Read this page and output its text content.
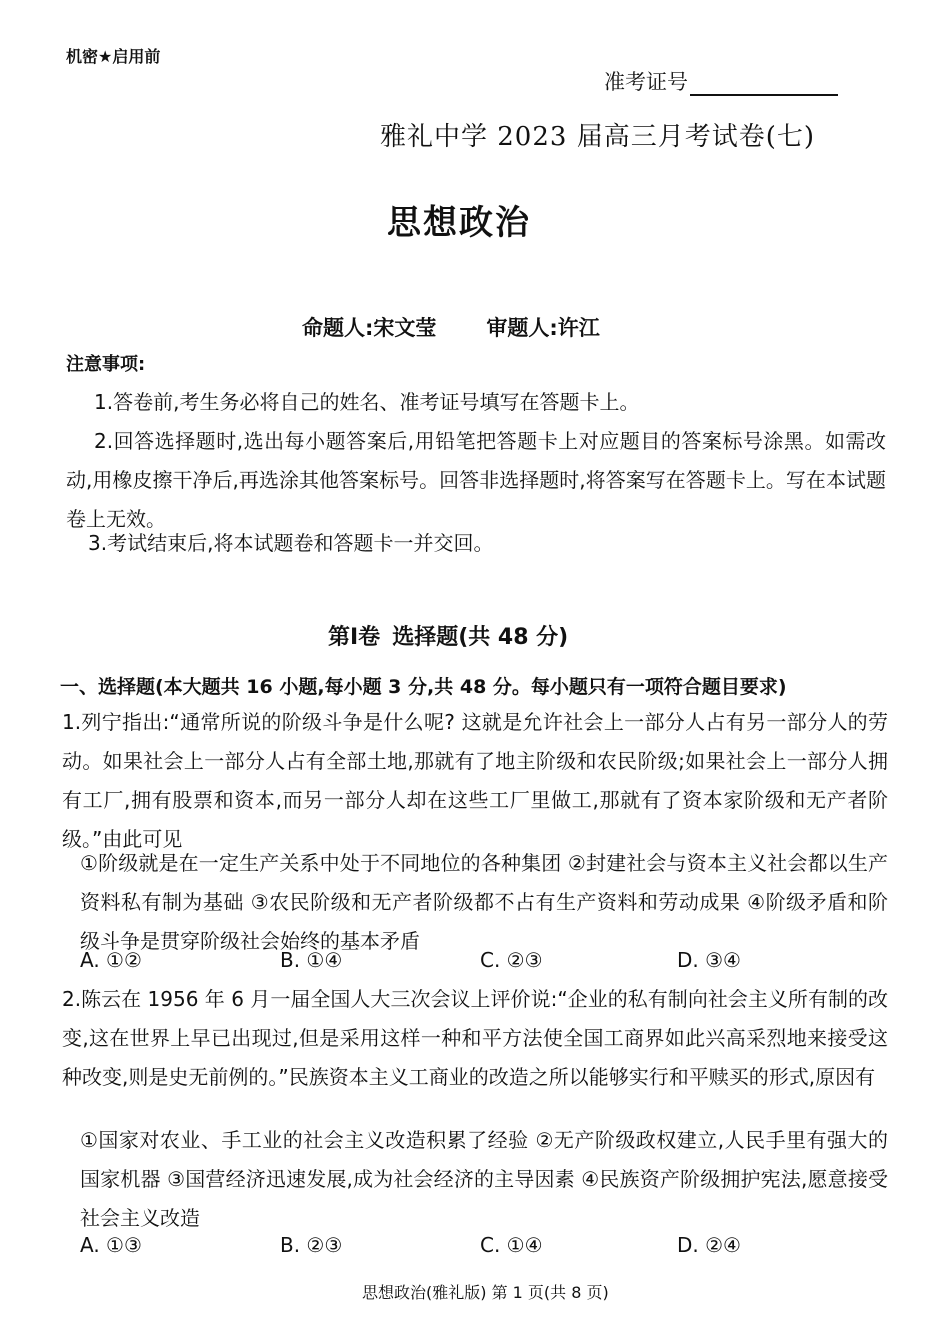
机密★启用前
准考证号
雅礼中学 2023 届高三月考试卷(七)
思想政治
命题人:宋文莹 审题人:许江
注意事项:
1.答卷前,考生务必将自己的姓名、准考证号填写在答题卡上。
2.回答选择题时,选出每小题答案后,用铅笔把答题卡上对应题目的答案标号涂黑。如需改动,用橡皮擦干净后,再选涂其他答案标号。回答非选择题时,将答案写在答题卡上。写在本试题卷上无效。
3.考试结束后,将本试题卷和答题卡一并交回。
第Ⅰ卷 选择题(共 48 分)
一、选择题(本大题共 16 小题,每小题 3 分,共 48 分。每小题只有一项符合题目要求)
1.列宁指出:“通常所说的阶级斗争是什么呢? 这就是允许社会上一部分人占有另一部分人的劳动。如果社会上一部分人占有全部土地,那就有了地主阶级和农民阶级;如果社会上一部分人拥有工厂,拥有股票和资本,而另一部分人却在这些工厂里做工,那就有了资本家阶级和无产者阶级。”由此可见
①阶级就是在一定生产关系中处于不同地位的各种集团 ②封建社会与资本主义社会都以生产资料私有制为基础 ③农民阶级和无产者阶级都不占有生产资料和劳动成果 ④阶级矛盾和阶级斗争是贯穿阶级社会始终的基本矛盾
A. ①②	B. ①④	C. ②③	D. ③④
2.陈云在 1956 年 6 月一届全国人大三次会议上评价说:“企业的私有制向社会主义所有制的改变,这在世界上早已出现过,但是采用这样一种和平方法使全国工商界如此兴高采烈地来接受这种改变,则是史无前例的。”民族资本主义工商业的改造之所以能够实行和平赎买的形式,原因有
①国家对农业、手工业的社会主义改造积累了经验 ②无产阶级政权建立,人民手里有强大的国家机器 ③国营经济迅速发展,成为社会经济的主导因素 ④民族资产阶级拥护宪法,愿意接受社会主义改造
A. ①③	B. ②③	C. ①④	D. ②④
思想政治(雅礼版) 第 1 页(共 8 页)
